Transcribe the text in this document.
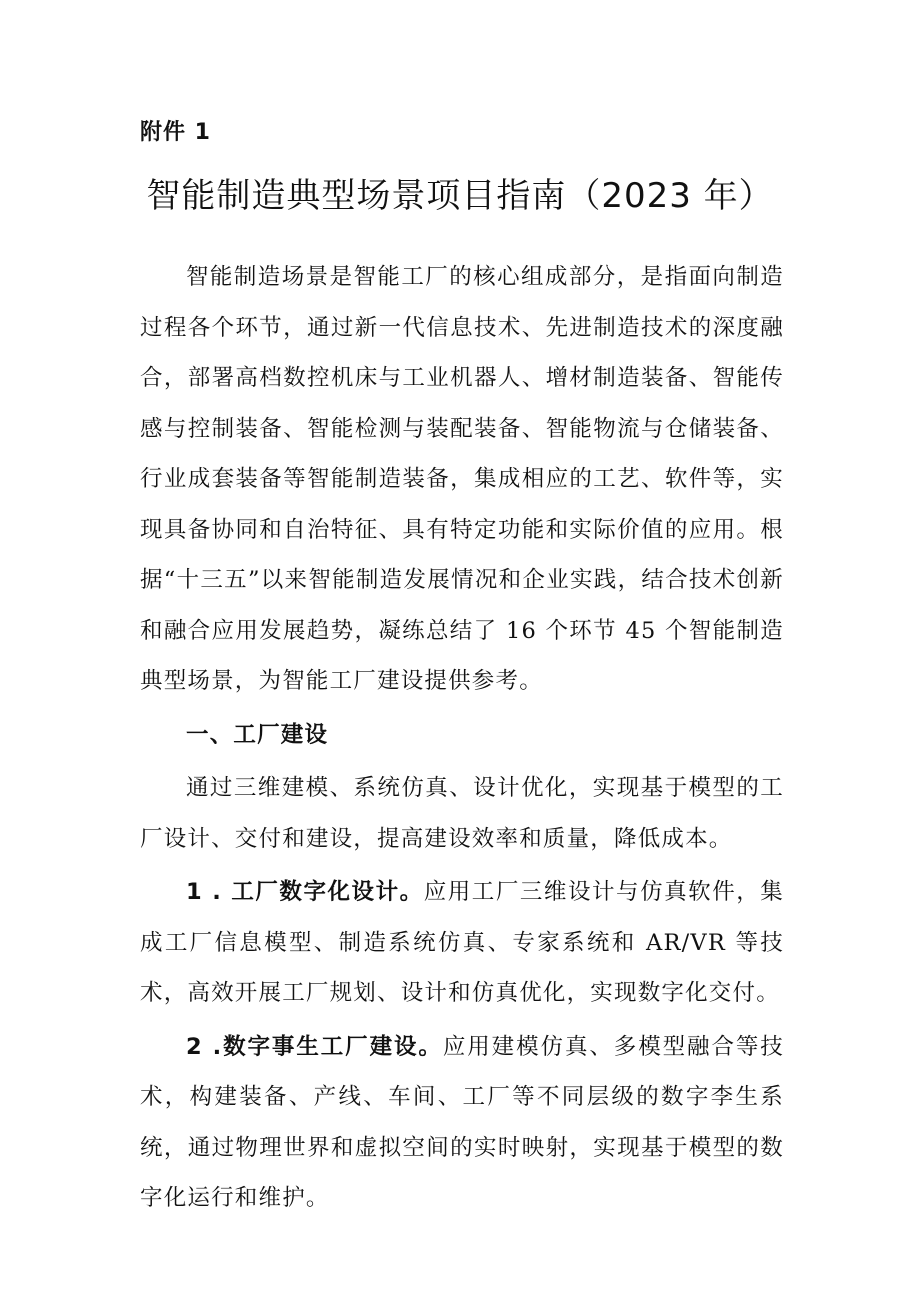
附件 1
智能制造典型场景项目指南（2023 年）

智能制造场景是智能工厂的核心组成部分，是指面向制造过程各个环节，通过新一代信息技术、先进制造技术的深度融合，部署高档数控机床与工业机器人、增材制造装备、智能传感与控制装备、智能检测与装配装备、智能物流与仓储装备、行业成套装备等智能制造装备，集成相应的工艺、软件等，实现具备协同和自治特征、具有特定功能和实际价值的应用。根据“十三五”以来智能制造发展情况和企业实践，结合技术创新和融合应用发展趋势，凝练总结了 16 个环节 45 个智能制造典型场景，为智能工厂建设提供参考。

一、工厂建设

通过三维建模、系统仿真、设计优化，实现基于模型的工厂设计、交付和建设，提高建设效率和质量，降低成本。

1 . 工厂数字化设计。应用工厂三维设计与仿真软件，集成工厂信息模型、制造系统仿真、专家系统和 AR/VR 等技术，高效开展工厂规划、设计和仿真优化，实现数字化交付。

2 .数字事生工厂建设。应用建模仿真、多模型融合等技术，构建装备、产线、车间、工厂等不同层级的数字李生系统，通过物理世界和虚拟空间的实时映射，实现基于模型的数字化运行和维护。
